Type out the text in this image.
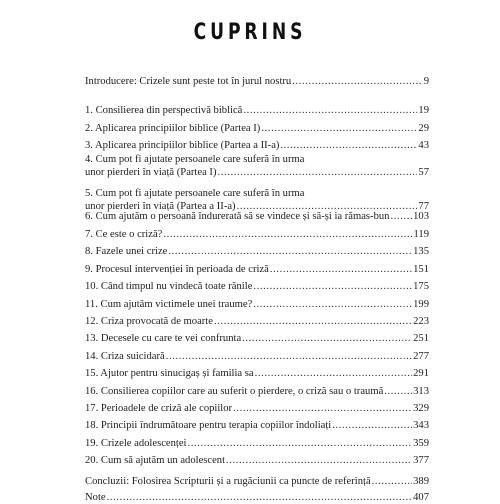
CUPRINS
Introducere: Crizele sunt peste tot în jurul nostru .....	9
1. Consilierea din perspectivă biblică .....	19
2. Aplicarea principiilor biblice (Partea I) .....	29
3. Aplicarea principiilor biblice (Partea a II-a) .....	43
4. Cum pot fi ajutate persoanele care suferă în urma
unor pierderi în viață (Partea I) .....	57
5. Cum pot fi ajutate persoanele care suferă în urma
unor pierderi în viață (Partea a II-a) .....	77
6. Cum ajutăm o persoană îndurerată să se vindece și să-și ia rămas-bun ..... 103
7. Ce este o criză? .....	119
8. Fazele unei crize .....	135
9. Procesul intervenției în perioada de criză .....	151
10. Când timpul nu vindecă toate rănile .....	175
11. Cum ajutăm victimele unei traume? .....	199
12. Criza provocată de moarte .....	223
13. Decesele cu care te vei confrunta .....	251
14. Criza suicidară .....	277
15. Ajutor pentru sinucigaș și familia sa .....	291
16. Consilierea copiilor care au suferit o pierdere, o criză sau o traumă .....	313
17. Perioadele de criză ale copiilor .....	329
18. Principii îndrumătoare pentru terapia copiilor îndoliați .....	343
19. Crizele adolescenței .....	359
20. Cum să ajutăm un adolescent .....	377
Concluzii: Folosirea Scripturii și a rugăciunii ca puncte de referință .....	389
Note .....	407
